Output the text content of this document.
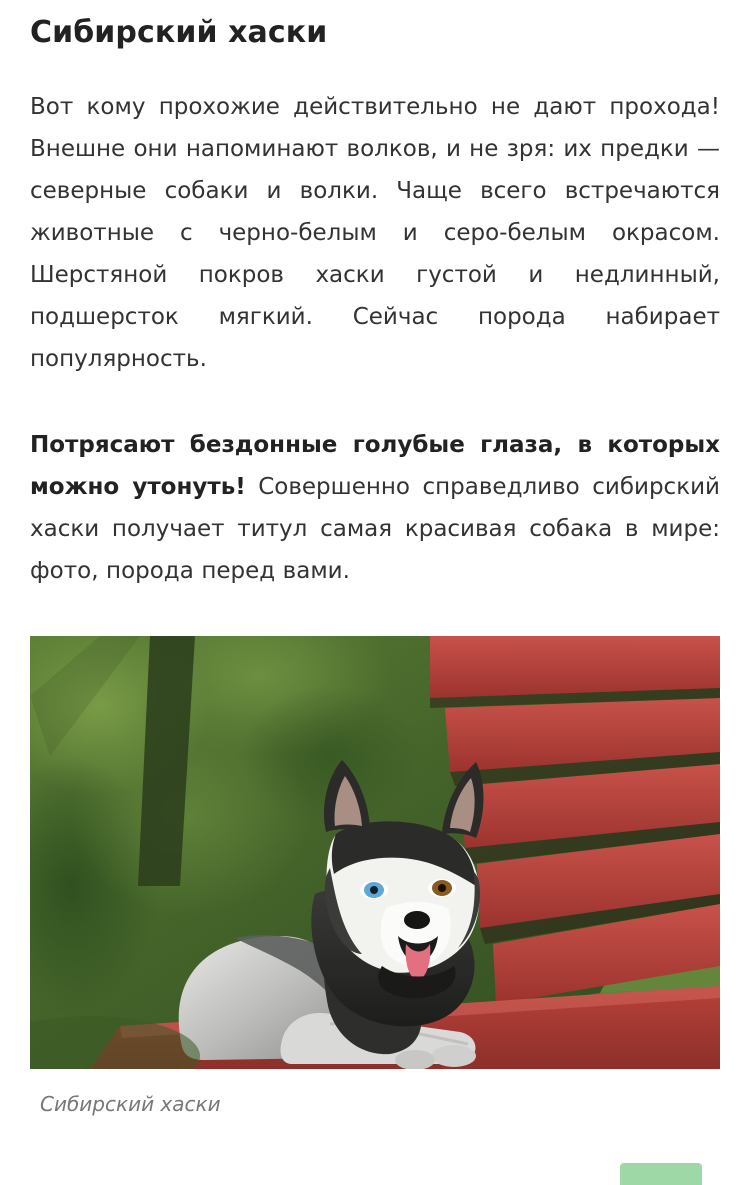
Сибирский хаски

Вот кому прохожие действительно не дают прохода! Внешне они напоминают волков, и не зря: их предки — северные собаки и волки. Чаще всего встречаются животные с черно-белым и серо-белым окрасом. Шерстяной покров хаски густой и недлинный, подшерсток мягкий. Сейчас порода набирает популярность.

Потрясают бездонные голубые глаза, в которых можно утонуть! Совершенно справедливо сибирский хаски получает титул самая красивая собака в мире: фото, порода перед вами.

Сибирский хаски
